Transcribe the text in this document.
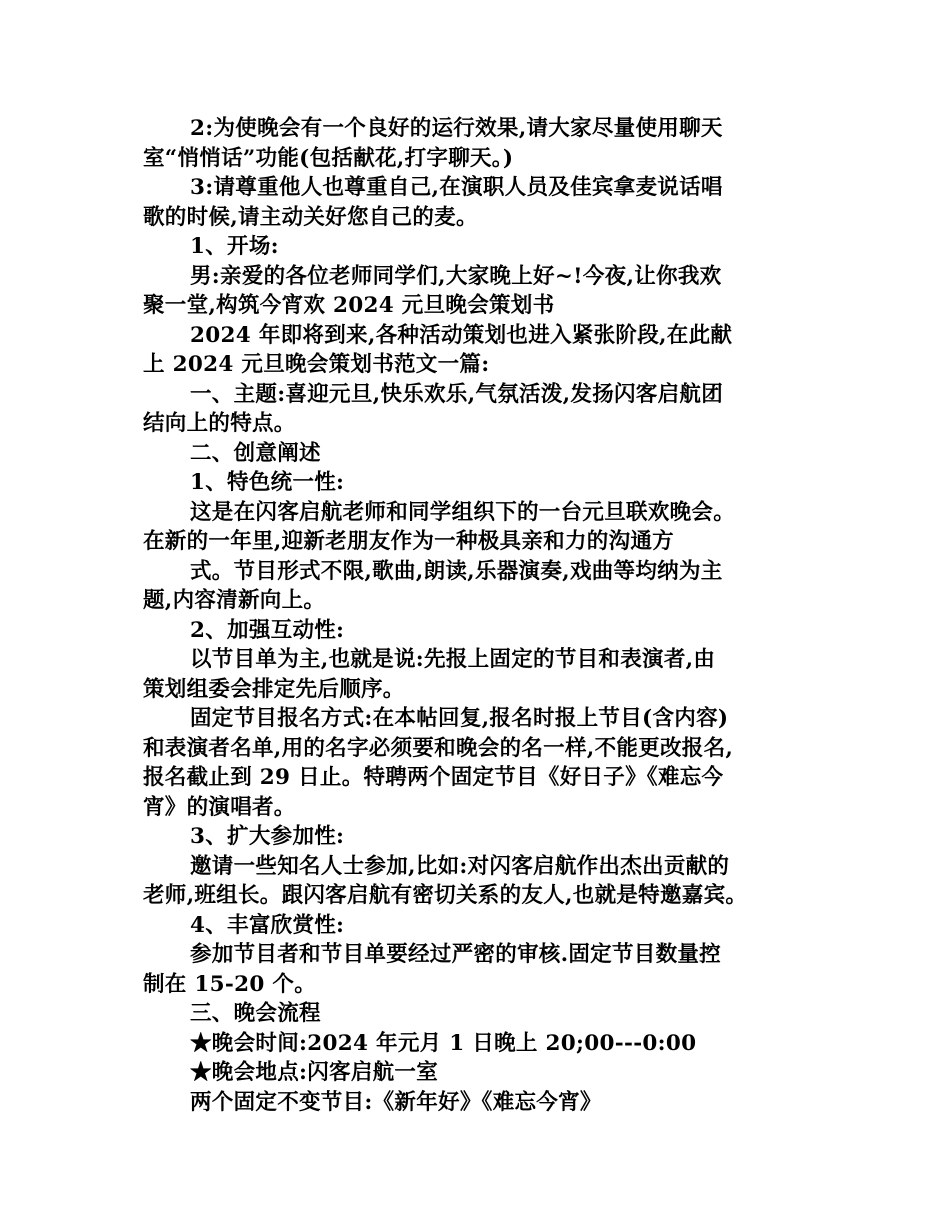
2:为使晚会有一个良好的运行效果,请大家尽量使用聊天
室“悄悄话”功能(包括献花,打字聊天。)
3:请尊重他人也尊重自己,在演职人员及佳宾拿麦说话唱
歌的时候,请主动关好您自己的麦。
1、开场:
男:亲爱的各位老师同学们,大家晚上好~!今夜,让你我欢
聚一堂,构筑今宵欢 2024 元旦晚会策划书
2024 年即将到来,各种活动策划也进入紧张阶段,在此献
上 2024 元旦晚会策划书范文一篇:
一、主题:喜迎元旦,快乐欢乐,气氛活泼,发扬闪客启航团
结向上的特点。
二、创意阐述
1、特色统一性:
这是在闪客启航老师和同学组织下的一台元旦联欢晚会。
在新的一年里,迎新老朋友作为一种极具亲和力的沟通方
式。节目形式不限,歌曲,朗读,乐器演奏,戏曲等均纳为主
题,内容清新向上。
2、加强互动性:
以节目单为主,也就是说:先报上固定的节目和表演者,由
策划组委会排定先后顺序。
固定节目报名方式:在本帖回复,报名时报上节目(含内容)
和表演者名单,用的名字必须要和晚会的名一样,不能更改报名,
报名截止到 29 日止。特聘两个固定节目《好日子》《难忘今
宵》的演唱者。
3、扩大参加性:
邀请一些知名人士参加,比如:对闪客启航作出杰出贡献的
老师,班组长。跟闪客启航有密切关系的友人,也就是特邀嘉宾。
4、丰富欣赏性:
参加节目者和节目单要经过严密的审核.固定节目数量控
制在 15-20 个。
三、晚会流程
★晚会时间:2024 年元月 1 日晚上 20;00---0:00
★晚会地点:闪客启航一室
两个固定不变节目:《新年好》《难忘今宵》
